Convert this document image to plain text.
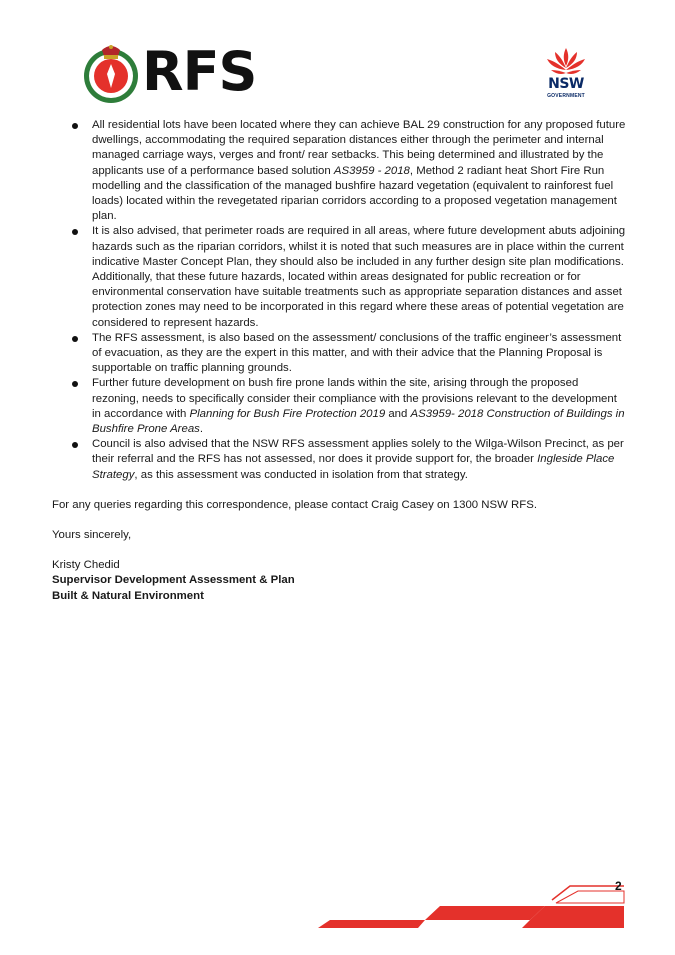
RFS	NSW
GOVERNMENT
All residential lots have been located where they can achieve BAL 29 construction for any proposed future dwellings, accommodating the required separation distances either through the perimeter and internal managed carriage ways, verges and front/ rear setbacks. This being determined and illustrated by the applicants use of a performance based solution AS3959 - 2018, Method 2 radiant heat Short Fire Run modelling and the classification of the managed bushfire hazard vegetation (equivalent to rainforest fuel loads) located within the revegetated riparian corridors according to a proposed vegetation management plan.
It is also advised, that perimeter roads are required in all areas, where future development abuts adjoining hazards such as the riparian corridors, whilst it is noted that such measures are in place within the current indicative Master Concept Plan, they should also be included in any further design site plan modifications. Additionally, that these future hazards, located within areas designated for public recreation or for environmental conservation have suitable treatments such as appropriate separation distances and asset protection zones may need to be incorporated in this regard where these areas of potential vegetation are considered to represent hazards.
The RFS assessment, is also based on the assessment/ conclusions of the traffic engineer’s assessment of evacuation, as they are the expert in this matter, and with their advice that the Planning Proposal is supportable on traffic planning grounds.
Further future development on bush fire prone lands within the site, arising through the proposed rezoning, needs to specifically consider their compliance with the provisions relevant to the development in accordance with Planning for Bush Fire Protection 2019 and AS3959- 2018 Construction of Buildings in Bushfire Prone Areas.
Council is also advised that the NSW RFS assessment applies solely to the Wilga-Wilson Precinct, as per their referral and the RFS has not assessed, nor does it provide support for, the broader Ingleside Place Strategy, as this assessment was conducted in isolation from that strategy.

For any queries regarding this correspondence, please contact Craig Casey on 1300 NSW RFS.

Yours sincerely,

Kristy Chedid

Supervisor Development Assessment & Plan

Built & Natural Environment

2
